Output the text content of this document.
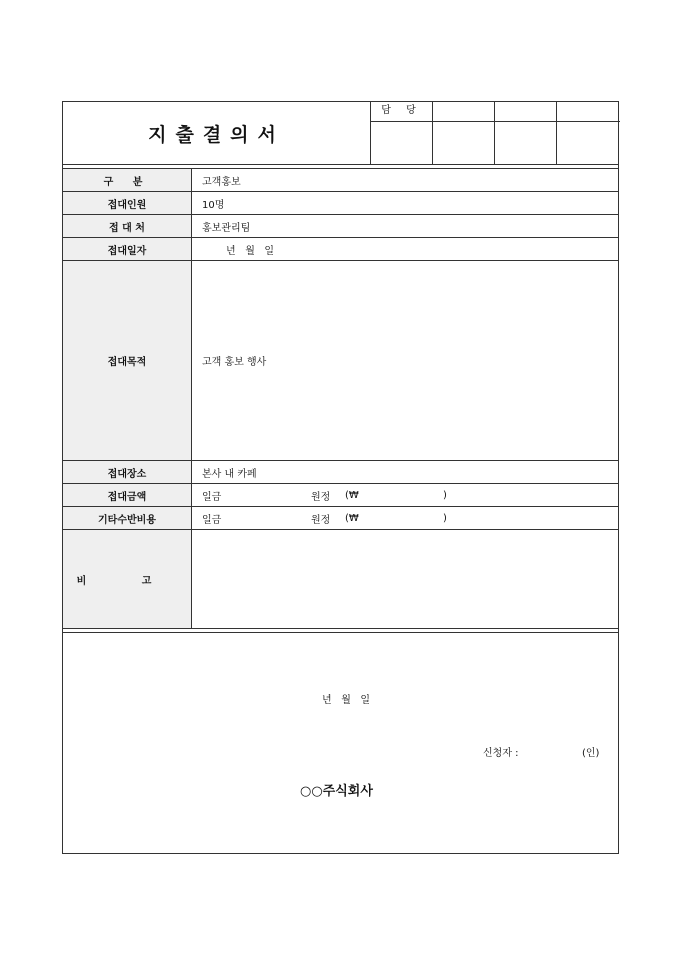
지출결의서
담 당
구 분	고객홍보
접대인원	10명
접 대 처	홍보관리팀
접대일자	년   월   일
접대목적	고객 홍보 행사
접대장소	본사 내 카페
접대금액	일금	원정 (₩	)
기타수반비용	일금	원정 (₩	)
비 고
년   월   일
신청자 :	(인)
○○주식회사
